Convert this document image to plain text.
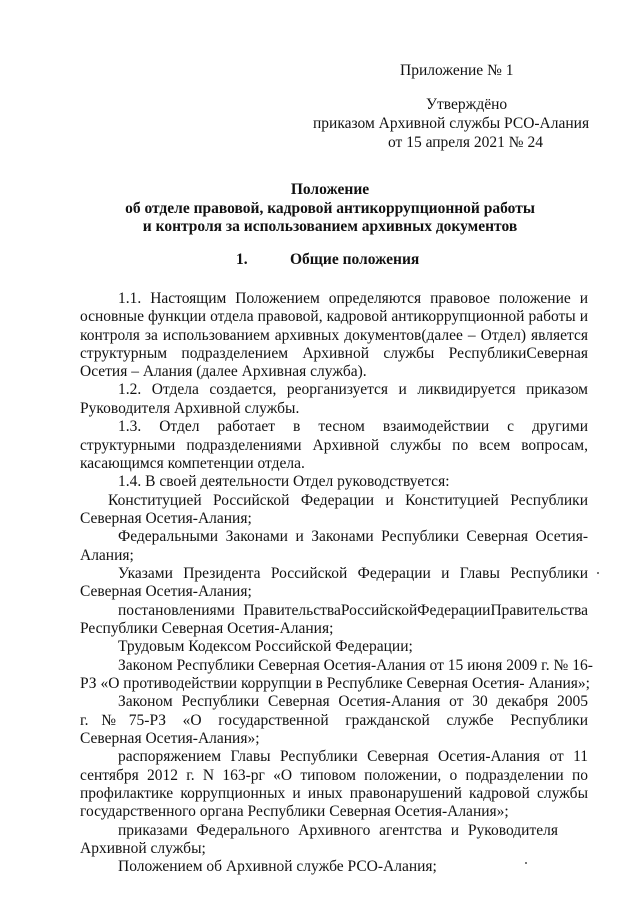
Приложение № 1
Утверждёно
приказом Архивной службы РСО-Алания
от 15 апреля 2021 № 24
Положение
об отделе правовой, кадровой антикоррупционной работы
и контроля за использованием архивных документов
1.	Общие положения
1.1. Настоящим Положением определяются правовое положение и
основные функции отдела правовой, кадровой антикоррупционной работы и
контроля за использованием архивных документов(далее – Отдел) является
структурным подразделением Архивной службы РеспубликиСеверная
Осетия – Алания (далее Архивная служба).
1.2. Отдела создается, реорганизуется и ликвидируется приказом
Руководителя Архивной службы.
1.3. Отдел работает в тесном взаимодействии с другими
структурными подразделениями Архивной службы по всем вопросам,
касающимся компетенции отдела.
1.4. В своей деятельности Отдел руководствуется:
Конституцией Российской Федерации и Конституцией Республики
Северная Осетия-Алания;
Федеральными Законами и Законами Республики Северная Осетия-
Алания;
Указами Президента Российской Федерации и Главы Республики
Северная Осетия-Алания;
постановлениями ПравительстваРоссийскойФедерацииПравительства
Республики Северная Осетия-Алания;
Трудовым Кодексом Российской Федерации;
Законом Республики Северная Осетия-Алания от 15 июня 2009 г. № 16-
РЗ «О противодействии коррупции в Республике Северная Осетия- Алания»;
Законом Республики Северная Осетия-Алания от 30 декабря 2005
г.№75-РЗ «О государственной гражданской службе Республики
Северная Осетия-Алания»;
распоряжением Главы Республики Северная Осетия-Алания от 11
сентября 2012 г. N 163-рг «О типовом положении, о подразделении по
профилактике коррупционных и иных правонарушений кадровой службы
государственного органа Республики Северная Осетия-Алания»;
приказами Федерального Архивного агентства и Руководителя
Архивной службы;
Положением об Архивной службе РСО-Алания;
